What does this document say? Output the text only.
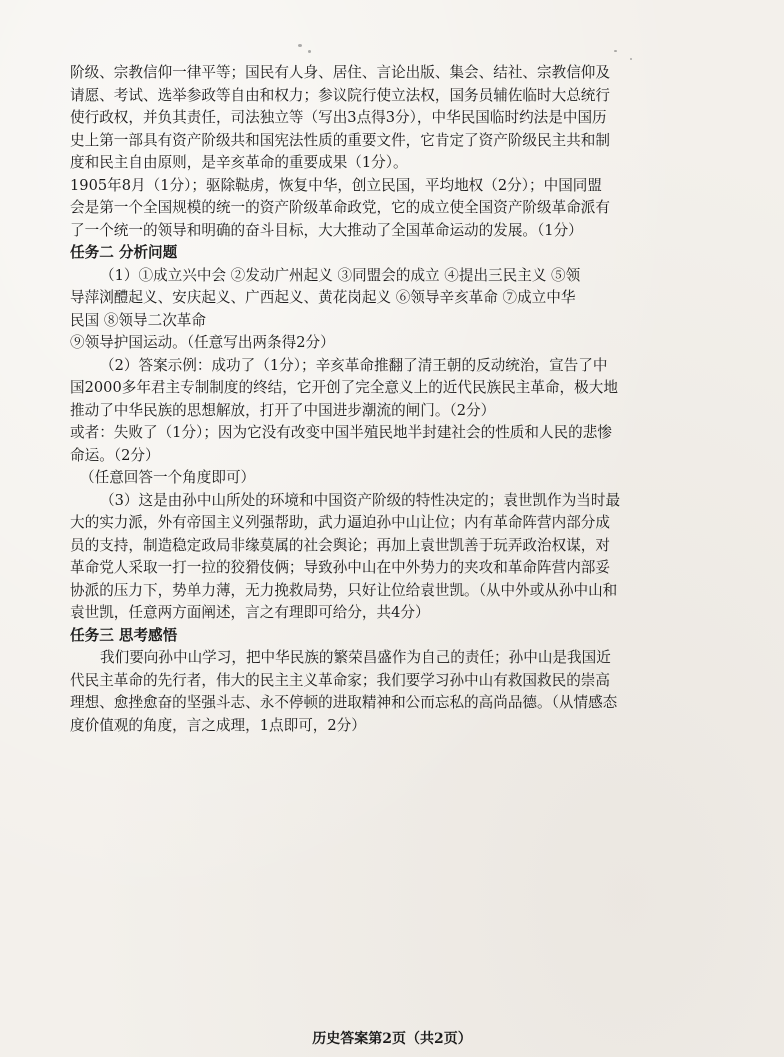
阶级、宗教信仰一律平等；国民有人身、居住、言论出版、集会、结社、宗教信仰及
请愿、考试、选举参政等自由和权力；参议院行使立法权，国务员辅佐临时大总统行
使行政权，并负其责任，司法独立等（写出3点得3分），中华民国临时约法是中国历
史上第一部具有资产阶级共和国宪法性质的重要文件，它肯定了资产阶级民主共和制
度和民主自由原则，是辛亥革命的重要成果（1分）。
1905年8月（1分）；驱除鞑虏，恢复中华，创立民国，平均地权（2分）；中国同盟
会是第一个全国规模的统一的资产阶级革命政党，它的成立使全国资产阶级革命派有
了一个统一的领导和明确的奋斗目标，大大推动了全国革命运动的发展。（1分）
任务二 分析问题
（1）①成立兴中会 ②发动广州起义 ③同盟会的成立 ④提出三民主义 ⑤领
导萍浏醴起义、安庆起义、广西起义、黄花岗起义 ⑥领导辛亥革命 ⑦成立中华
民国 ⑧领导二次革命
⑨领导护国运动。（任意写出两条得2分）
（2）答案示例：成功了（1分）；辛亥革命推翻了清王朝的反动统治，宣告了中
国2000多年君主专制制度的终结，它开创了完全意义上的近代民族民主革命，极大地
推动了中华民族的思想解放，打开了中国进步潮流的闸门。（2分）
或者：失败了（1分）；因为它没有改变中国半殖民地半封建社会的性质和人民的悲惨
命运。（2分）
（任意回答一个角度即可）
（3）这是由孙中山所处的环境和中国资产阶级的特性决定的；袁世凯作为当时最
大的实力派，外有帝国主义列强帮助，武力逼迫孙中山让位；内有革命阵营内部分成
员的支持，制造稳定政局非缘莫属的社会舆论；再加上袁世凯善于玩弄政治权谋，对
革命党人采取一打一拉的狡猾伎俩；导致孙中山在中外势力的夹攻和革命阵营内部妥
协派的压力下，势单力薄，无力挽救局势，只好让位给袁世凯。（从中外或从孙中山和
袁世凯，任意两方面阐述，言之有理即可给分，共4分）
任务三 思考感悟
我们要向孙中山学习，把中华民族的繁荣昌盛作为自己的责任；孙中山是我国近
代民主革命的先行者，伟大的民主主义革命家；我们要学习孙中山有救国救民的崇高
理想、愈挫愈奋的坚强斗志、永不停顿的进取精神和公而忘私的高尚品德。（从情感态
度价值观的角度，言之成理，1点即可，2分）
历史答案第2页（共2页）
